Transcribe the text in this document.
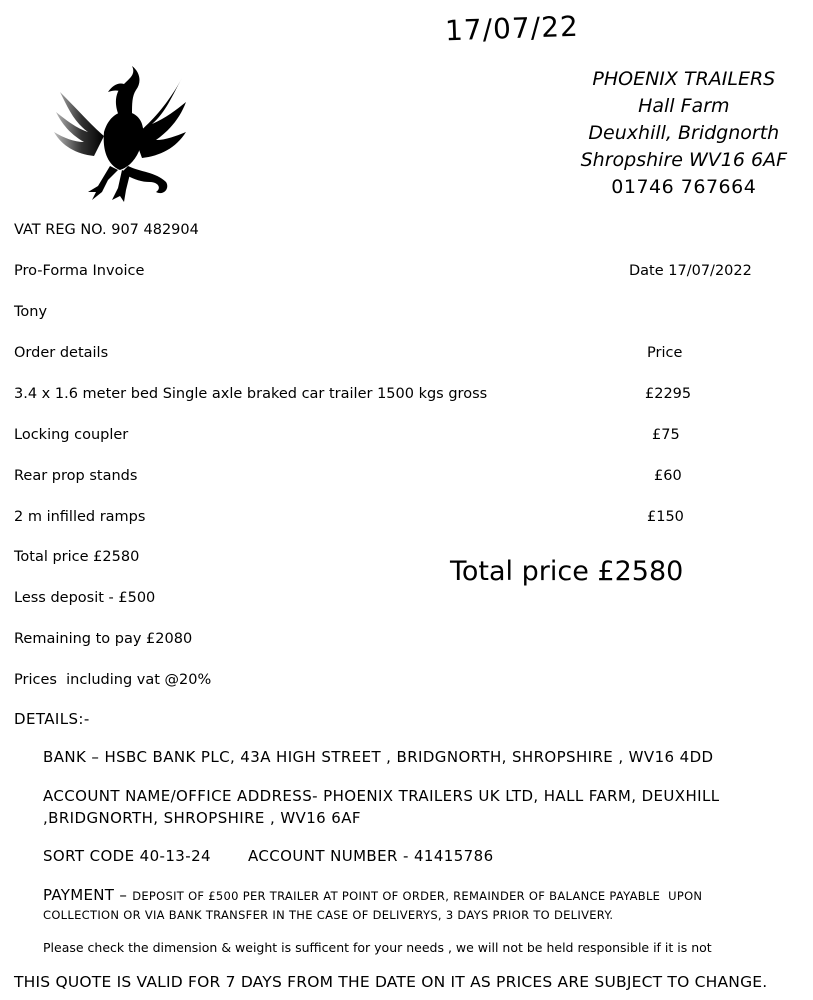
17/07/22
PHOENIX TRAILERS
Hall Farm
Deuxhill, Bridgnorth
Shropshire WV16 6AF
01746 767664
VAT REG NO. 907 482904
Pro-Forma Invoice	Date 17/07/2022
Tony
Order details	Price
3.4 x 1.6 meter bed Single axle braked car trailer 1500 kgs gross	£2295
Locking coupler	£75
Rear prop stands	£60
2 m infilled ramps	£150
Total price £2580	Total price £2580
Less deposit - £500
Remaining to pay £2080
Prices  including vat @20%
DETAILS:-
BANK – HSBC BANK PLC, 43A HIGH STREET , BRIDGNORTH, SHROPSHIRE , WV16 4DD
ACCOUNT NAME/OFFICE ADDRESS- PHOENIX TRAILERS UK LTD, HALL FARM, DEUXHILL
,BRIDGNORTH, SHROPSHIRE , WV16 6AF
SORT CODE 40-13-24 ACCOUNT NUMBER - 41415786
PAYMENT – DEPOSIT OF £500 PER TRAILER AT POINT OF ORDER, REMAINDER OF BALANCE PAYABLE  UPON
COLLECTION OR VIA BANK TRANSFER IN THE CASE OF DELIVERYS, 3 DAYS PRIOR TO DELIVERY.
Please check the dimension & weight is sufficent for your needs , we will not be held responsible if it is not
THIS QUOTE IS VALID FOR 7 DAYS FROM THE DATE ON IT AS PRICES ARE SUBJECT TO CHANGE.
